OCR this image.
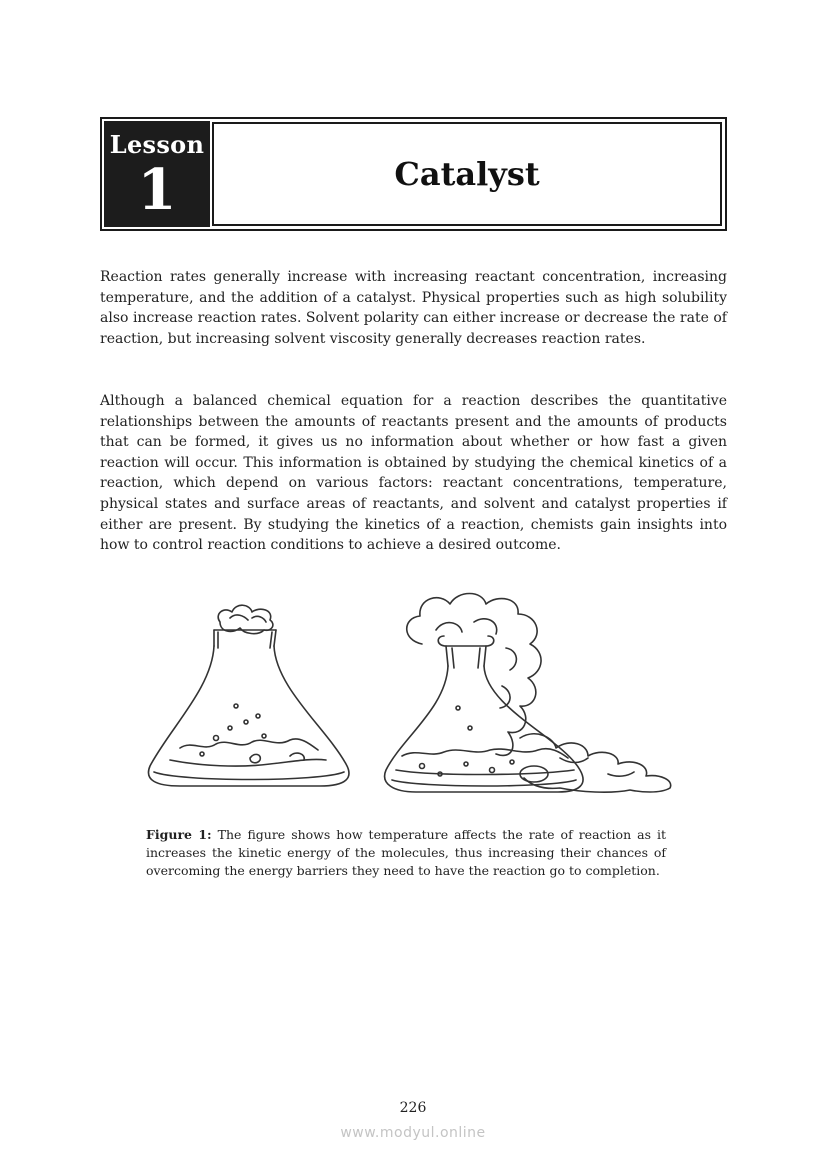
Lesson
1	Catalyst

Reaction rates generally increase with increasing reactant concentration, increasing temperature, and the addition of a catalyst. Physical properties such as high solubility also increase reaction rates. Solvent polarity can either increase or decrease the rate of reaction, but increasing solvent viscosity generally decreases reaction rates.

Although a balanced chemical equation for a reaction describes the quantitative relationships between the amounts of reactants present and the amounts of products that can be formed, it gives us no information about whether or how fast a given reaction will occur. This information is obtained by studying the chemical kinetics of a reaction, which depend on various factors: reactant concentrations, temperature, physical states and surface areas of reactants, and solvent and catalyst properties if either are present. By studying the kinetics of a reaction, chemists gain insights into how to control reaction conditions to achieve a desired outcome.

Figure 1: The figure shows how temperature affects the rate of reaction as it increases the kinetic energy of the molecules, thus increasing their chances of overcoming the energy barriers they need to have the reaction go to completion.

226
www.modyul.online
